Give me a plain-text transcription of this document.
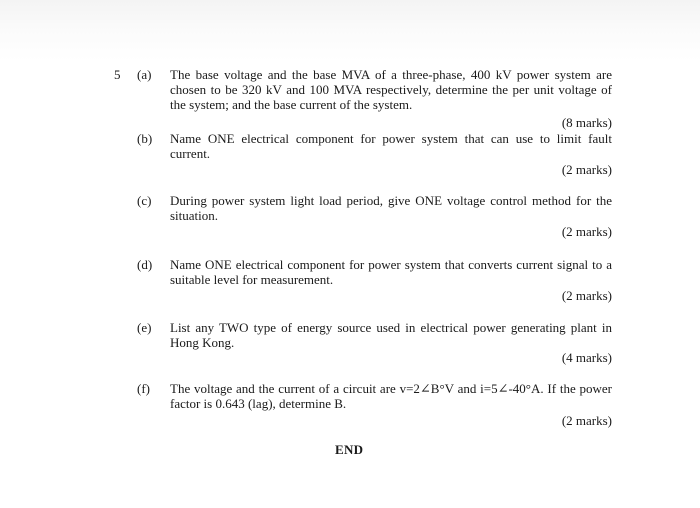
5 (a) The base voltage and the base MVA of a three-phase, 400 kV power system are chosen to be 320 kV and 100 MVA respectively, determine the per unit voltage of the system; and the base current of the system.
(8 marks)
(b) Name ONE electrical component for power system that can use to limit fault current.
(2 marks)
(c) During power system light load period, give ONE voltage control method for the situation.
(2 marks)
(d) Name ONE electrical component for power system that converts current signal to a suitable level for measurement.
(2 marks)
(e) List any TWO type of energy source used in electrical power generating plant in Hong Kong.
(4 marks)
(f) The voltage and the current of a circuit are v=2∠B°V and i=5∠-40°A. If the power factor is 0.643 (lag), determine B.
(2 marks)
END
